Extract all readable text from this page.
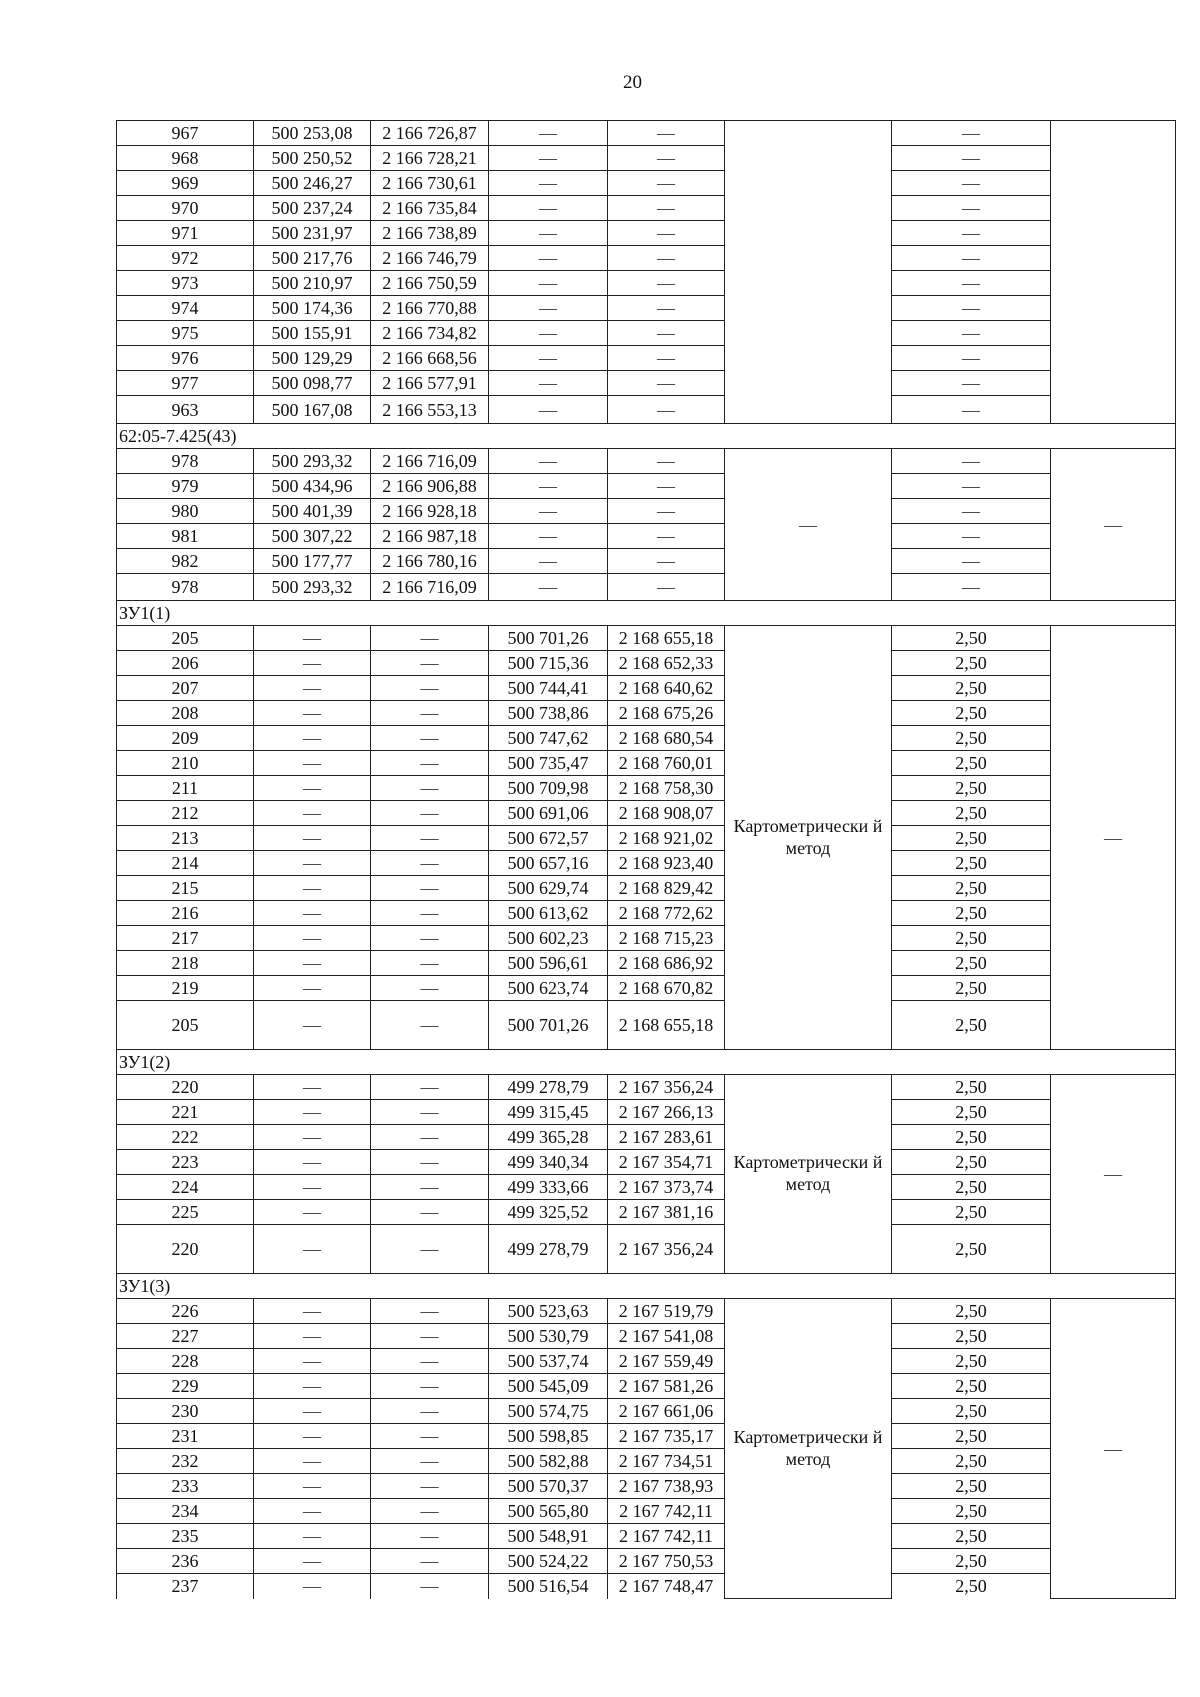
20
967	500 253,08	2 166 726,87	—	—		—	
968	500 250,52	2 166 728,21	—	—		—	
969	500 246,27	2 166 730,61	—	—		—	
970	500 237,24	2 166 735,84	—	—		—	
971	500 231,97	2 166 738,89	—	—		—	
972	500 217,76	2 166 746,79	—	—		—	
973	500 210,97	2 166 750,59	—	—		—	
974	500 174,36	2 166 770,88	—	—		—	
975	500 155,91	2 166 734,82	—	—		—	
976	500 129,29	2 166 668,56	—	—		—	
977	500 098,77	2 166 577,91	—	—		—	
963	500 167,08	2 166 553,13	—	—		—	
62:05-7.425(43)							
978	500 293,32	2 166 716,09	—	—	—	—	—
979	500 434,96	2 166 906,88	—	—		—	
980	500 401,39	2 166 928,18	—	—		—	
981	500 307,22	2 166 987,18	—	—		—	
982	500 177,77	2 166 780,16	—	—		—	
978	500 293,32	2 166 716,09	—	—		—	
ЗУ1(1)							
205	—	—	500 701,26	2 168 655,18	Картометрически й метод	2,50	—
206	—	—	500 715,36	2 168 652,33		2,50	
207	—	—	500 744,41	2 168 640,62		2,50	
208	—	—	500 738,86	2 168 675,26		2,50	
209	—	—	500 747,62	2 168 680,54		2,50	
210	—	—	500 735,47	2 168 760,01		2,50	
211	—	—	500 709,98	2 168 758,30		2,50	
212	—	—	500 691,06	2 168 908,07		2,50	
213	—	—	500 672,57	2 168 921,02		2,50	
214	—	—	500 657,16	2 168 923,40		2,50	
215	—	—	500 629,74	2 168 829,42		2,50	
216	—	—	500 613,62	2 168 772,62		2,50	
217	—	—	500 602,23	2 168 715,23		2,50	
218	—	—	500 596,61	2 168 686,92		2,50	
219	—	—	500 623,74	2 168 670,82		2,50	
205	—	—	500 701,26	2 168 655,18		2,50	
ЗУ1(2)							
220	—	—	499 278,79	2 167 356,24	Картометрически й метод	2,50	—
221	—	—	499 315,45	2 167 266,13		2,50	
222	—	—	499 365,28	2 167 283,61		2,50	
223	—	—	499 340,34	2 167 354,71		2,50	
224	—	—	499 333,66	2 167 373,74		2,50	
225	—	—	499 325,52	2 167 381,16		2,50	
220	—	—	499 278,79	2 167 356,24		2,50	
ЗУ1(3)							
226	—	—	500 523,63	2 167 519,79	Картометрически й метод	2,50	—
227	—	—	500 530,79	2 167 541,08		2,50	
228	—	—	500 537,74	2 167 559,49		2,50	
229	—	—	500 545,09	2 167 581,26		2,50	
230	—	—	500 574,75	2 167 661,06		2,50	
231	—	—	500 598,85	2 167 735,17		2,50	
232	—	—	500 582,88	2 167 734,51		2,50	
233	—	—	500 570,37	2 167 738,93		2,50	
234	—	—	500 565,80	2 167 742,11		2,50	
235	—	—	500 548,91	2 167 742,11		2,50	
236	—	—	500 524,22	2 167 750,53		2,50	
237	—	—	500 516,54	2 167 748,47		2,50	
